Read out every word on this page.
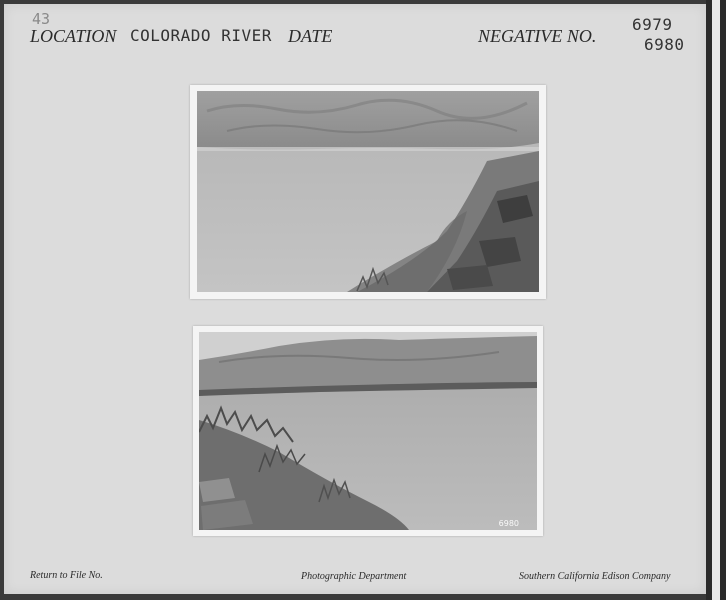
43
LOCATION COLORADO RIVER DATE	NEGATIVE NO.
6979
6980
6980
Return to File No.	Photographic Department	Southern California Edison Company
